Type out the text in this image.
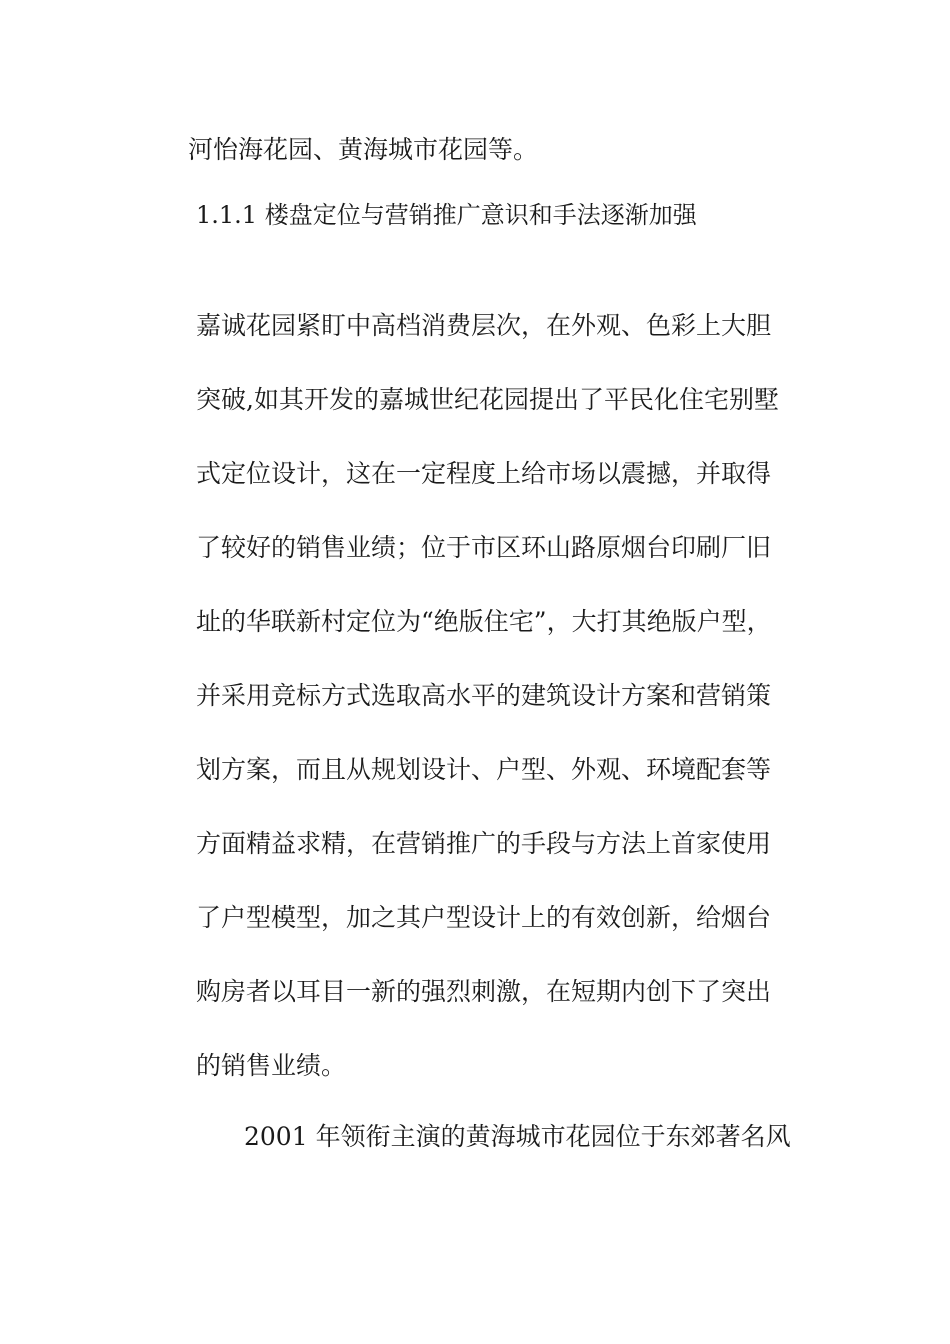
河怡海花园、黄海城市花园等。
1.1.1 楼盘定位与营销推广意识和手法逐渐加强
嘉诚花园紧盯中高档消费层次，在外观、色彩上大胆
突破,如其开发的嘉城世纪花园提出了平民化住宅别墅
式定位设计，这在一定程度上给市场以震撼，并取得
了较好的销售业绩；位于市区环山路原烟台印刷厂旧
址的华联新村定位为“绝版住宅”，大打其绝版户型，
并采用竞标方式选取高水平的建筑设计方案和营销策
划方案，而且从规划设计、户型、外观、环境配套等
方面精益求精，在营销推广的手段与方法上首家使用
了户型模型，加之其户型设计上的有效创新，给烟台
购房者以耳目一新的强烈刺激，在短期内创下了突出
的销售业绩。
2001 年领衔主演的黄海城市花园位于东郊著名风
